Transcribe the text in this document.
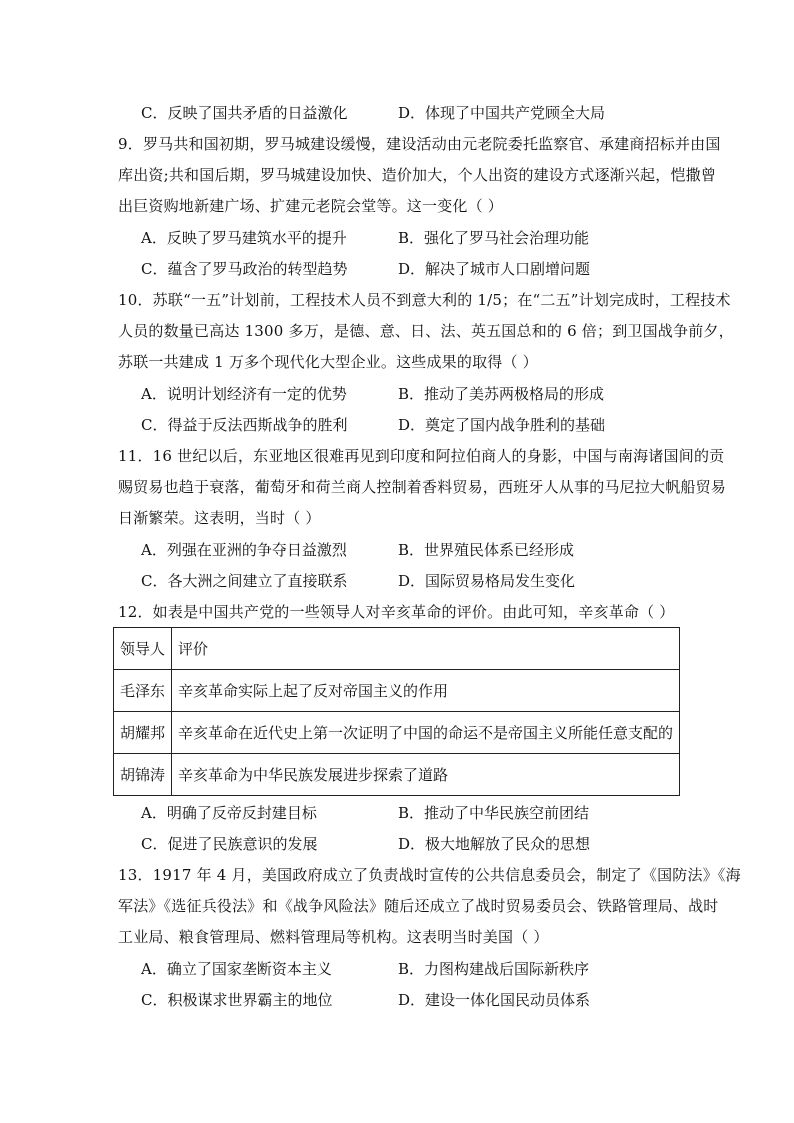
C．反映了国共矛盾的日益激化	D．体现了中国共产党顾全大局
9．罗马共和国初期，罗马城建设缓慢，建设活动由元老院委托监察官、承建商招标并由国
库出资;共和国后期，罗马城建设加快、造价加大，个人出资的建设方式逐渐兴起，恺撒曾
出巨资购地新建广场、扩建元老院会堂等。这一变化（ ）
A．反映了罗马建筑水平的提升	B．强化了罗马社会治理功能
C．蕴含了罗马政治的转型趋势	D．解决了城市人口剧增问题
10．苏联“一五”计划前，工程技术人员不到意大利的 1/5；在“二五”计划完成时，工程技术
人员的数量已高达 1300 多万，是德、意、日、法、英五国总和的 6 倍；到卫国战争前夕，
苏联一共建成 1 万多个现代化大型企业。这些成果的取得（ ）
A．说明计划经济有一定的优势	B．推动了美苏两极格局的形成
C．得益于反法西斯战争的胜利	D．奠定了国内战争胜利的基础
11．16 世纪以后，东亚地区很难再见到印度和阿拉伯商人的身影，中国与南海诸国间的贡
赐贸易也趋于衰落，葡萄牙和荷兰商人控制着香料贸易，西班牙人从事的马尼拉大帆船贸易
日渐繁荣。这表明，当时（ ）
A．列强在亚洲的争夺日益激烈	B．世界殖民体系已经形成
C．各大洲之间建立了直接联系	D．国际贸易格局发生变化
12．如表是中国共产党的一些领导人对辛亥革命的评价。由此可知，辛亥革命（ ）
领导人	评价
毛泽东	辛亥革命实际上起了反对帝国主义的作用
胡耀邦	辛亥革命在近代史上第一次证明了中国的命运不是帝国主义所能任意支配的
胡锦涛	辛亥革命为中华民族发展进步探索了道路
A．明确了反帝反封建目标	B．推动了中华民族空前团结
C．促进了民族意识的发展	D．极大地解放了民众的思想
13．1917 年 4 月，美国政府成立了负责战时宣传的公共信息委员会，制定了《国防法》《海
军法》《选征兵役法》和《战争风险法》随后还成立了战时贸易委员会、铁路管理局、战时
工业局、粮食管理局、燃料管理局等机构。这表明当时美国（ ）
A．确立了国家垄断资本主义	B．力图构建战后国际新秩序
C．积极谋求世界霸主的地位	D．建设一体化国民动员体系
